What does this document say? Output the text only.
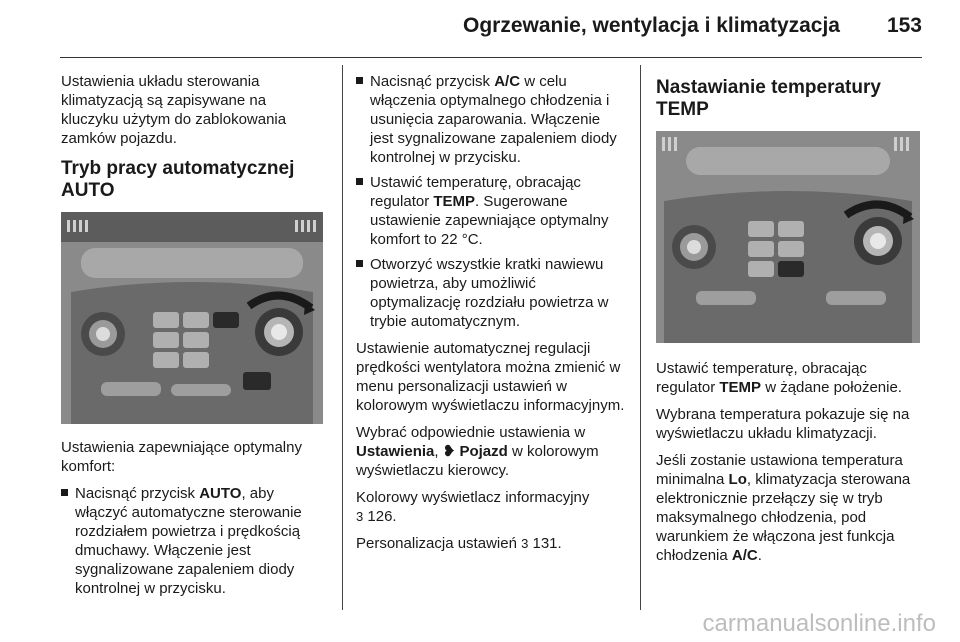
Ogrzewanie, wentylacja i klimatyzacja 153

Ustawienia układu sterowania klimatyzacją są zapisywane na kluczyku użytym do zablokowania zamków pojazdu.

Tryb pracy automatycznej AUTO

Ustawienia zapewniające optymalny komfort:

Nacisnąć przycisk AUTO, aby włączyć automatyczne sterowanie rozdziałem powietrza i prędkością dmuchawy. Włączenie jest sygnalizowane zapaleniem diody kontrolnej w przycisku.
Nacisnąć przycisk A/C w celu włączenia optymalnego chłodzenia i usunięcia zaparowania. Włączenie jest sygnalizowane zapaleniem diody kontrolnej w przycisku.
Ustawić temperaturę, obracając regulator TEMP. Sugerowane ustawienie zapewniające optymalny komfort to 22 °C.
Otworzyć wszystkie kratki nawiewu powietrza, aby umożliwić optymalizację rozdziału powietrza w trybie automatycznym.

Ustawienie automatycznej regulacji prędkości wentylatora można zmienić w menu personalizacji ustawień w kolorowym wyświetlaczu informacyjnym.

Wybrać odpowiednie ustawienia w Ustawienia, ❥ Pojazd w kolorowym wyświetlaczu kierowcy.

Kolorowy wyświetlacz informacyjny
3 126.

Personalizacja ustawień 3 131.

Nastawianie temperatury TEMP

Ustawić temperaturę, obracając regulator TEMP w żądane położenie.

Wybrana temperatura pokazuje się na wyświetlaczu układu klimatyzacji.

Jeśli zostanie ustawiona temperatura minimalna Lo, klimatyzacja sterowana elektronicznie przełączy się w tryb maksymalnego chłodzenia, pod warunkiem że włączona jest funkcja chłodzenia A/C.

carmanualsonline.info
